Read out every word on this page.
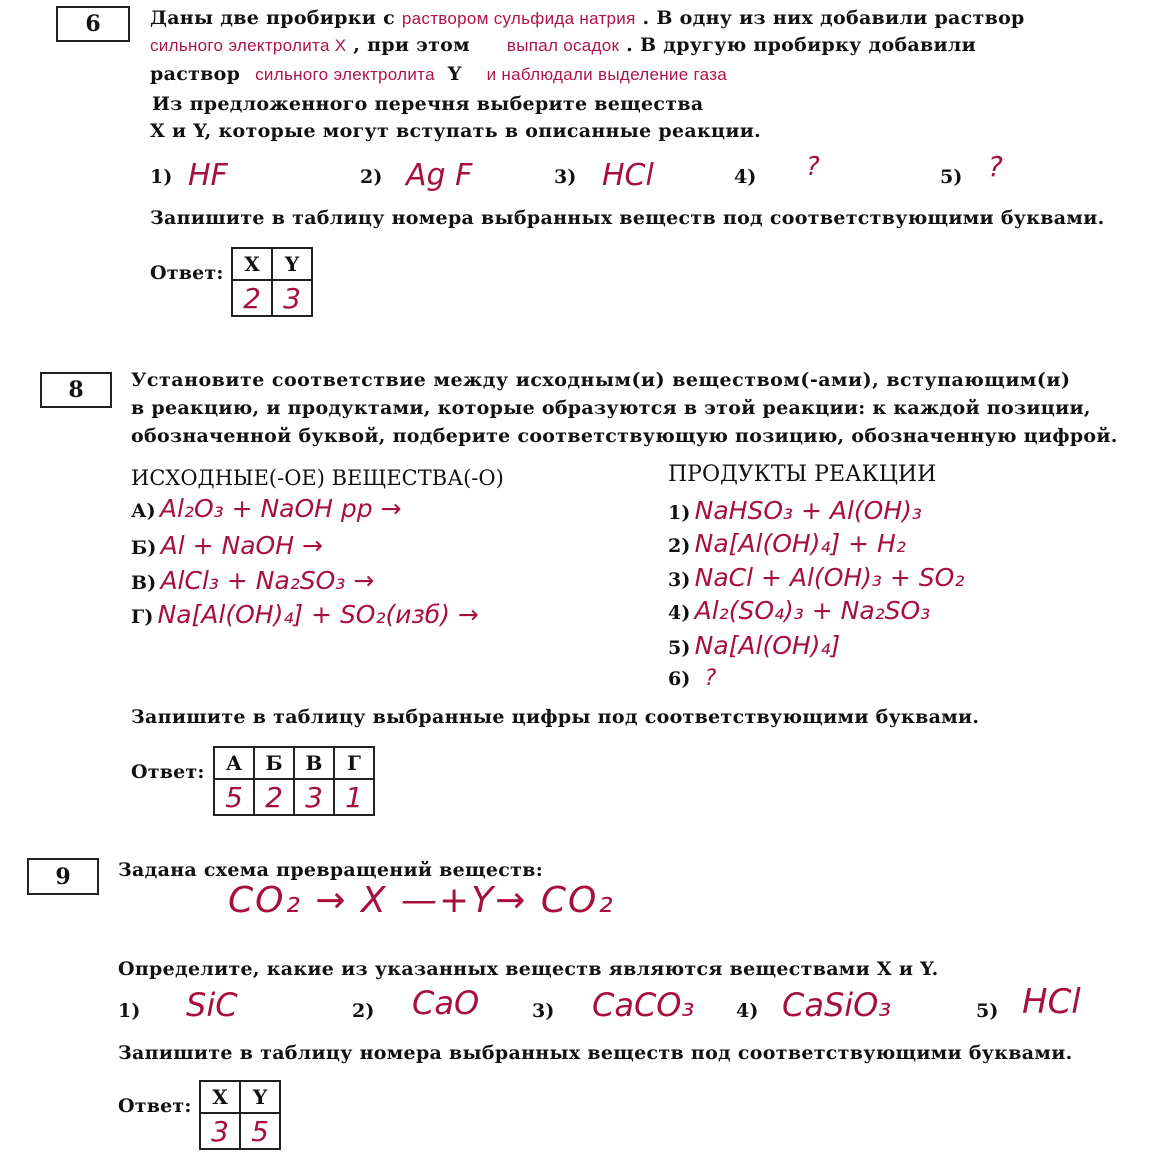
6	Даны две пробирки с раствором сульфида натрия . В одну из них добавили раствор
сильного электролита X , при этом выпал осадок . В другую пробирку добавили
раствор сильного электролита Y и наблюдали выделение газа
Из предложенного перечня выберите вещества
X и Y, которые могут вступать в описанные реакции.
1) HF	2) Ag F	3) HCl	4) ?	5) ?
Запишите в таблицу номера выбранных веществ под соответствующими буквами.
Ответ: X	Y
2	3
8	Установите соответствие между исходным(и) веществом(-ами), вступающим(и)
в реакцию, и продуктами, которые образуются в этой реакции: к каждой позиции,
обозначенной буквой, подберите соответствующую позицию, обозначенную цифрой.
ИСХОДНЫЕ(-ОЕ) ВЕЩЕСТВА(-О)	ПРОДУКТЫ РЕАКЦИИ
А) Al₂O₃ + NaOH рр →
Б) Al + NaOH →
В) AlCl₃ + Na₂SO₃ →
Г) Na[Al(OH)₄] + SO₂(изб) →
1) NaHSO₃ + Al(OH)₃
2) Na[Al(OH)₄] + H₂
3) NaCl + Al(OH)₃ + SO₂
4) Al₂(SO₄)₃ + Na₂SO₃
5) Na[Al(OH)₄]
6) ?
Запишите в таблицу выбранные цифры под соответствующими буквами.
Ответ: А	Б	В	Г
5	2	3	1
9	Задана схема превращений веществ:
CO₂ → X —+Y→ CO₂
Определите, какие из указанных веществ являются веществами X и Y.
1) SiC	2) CaO	3) CaCO₃ 4) CaSiO₃	5) HCl
Запишите в таблицу номера выбранных веществ под соответствующими буквами.
Ответ: X	Y
3	5
